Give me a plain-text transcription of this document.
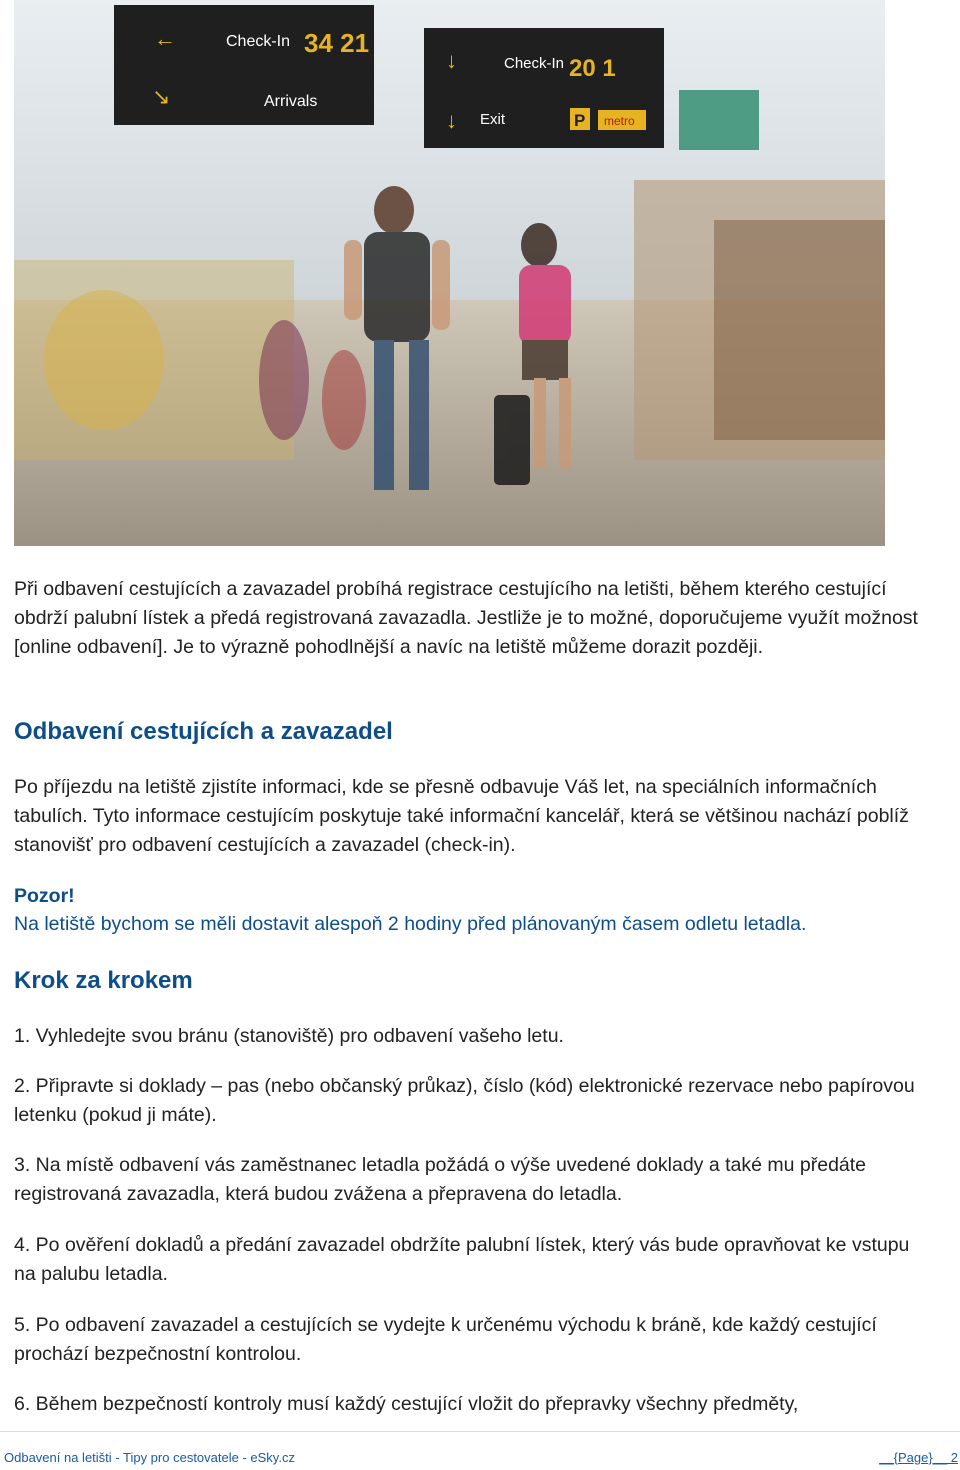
←	Check-In 34 21
↘	Arrivals
↓	Check-In 20 1
↓ Exit	P metro

Při odbavení cestujících a zavazadel probíhá registrace cestujícího na letišti, během kterého cestující obdrží palubní lístek a předá registrovaná zavazadla. Jestliže je to možné, doporučujeme využít možnost [online odbavení]. Je to výrazně pohodlnější a navíc na letiště můžeme dorazit později.

Odbavení cestujících a zavazadel

Po příjezdu na letiště zjistíte informaci, kde se přesně odbavuje Váš let, na speciálních informačních tabulích. Tyto informace cestujícím poskytuje také informační kancelář, která se většinou nachází poblíž stanovišť pro odbavení cestujících a zavazadel (check-in).

Pozor!

Na letiště bychom se měli dostavit alespoň 2 hodiny před plánovaným časem odletu letadla.

Krok za krokem

1. Vyhledejte svou bránu (stanoviště) pro odbavení vašeho letu.

2. Připravte si doklady – pas (nebo občanský průkaz), číslo (kód) elektronické rezervace nebo papírovou letenku (pokud ji máte).

3. Na místě odbavení vás zaměstnanec letadla požádá o výše uvedené doklady a také mu předáte registrovaná zavazadla, která budou zvážena a přepravena do letadla.

4. Po ověření dokladů a předání zavazadel obdržíte palubní lístek, který vás bude opravňovat ke vstupu na palubu letadla.

5. Po odbavení zavazadel a cestujících se vydejte k určenému východu k bráně, kde každý cestující prochází bezpečnostní kontrolou.

6. Během bezpečností kontroly musí každý cestující vložit do přepravky všechny předměty,

Odbavení na letišti - Tipy pro cestovatele - eSky.cz	__{Page}__ 2
